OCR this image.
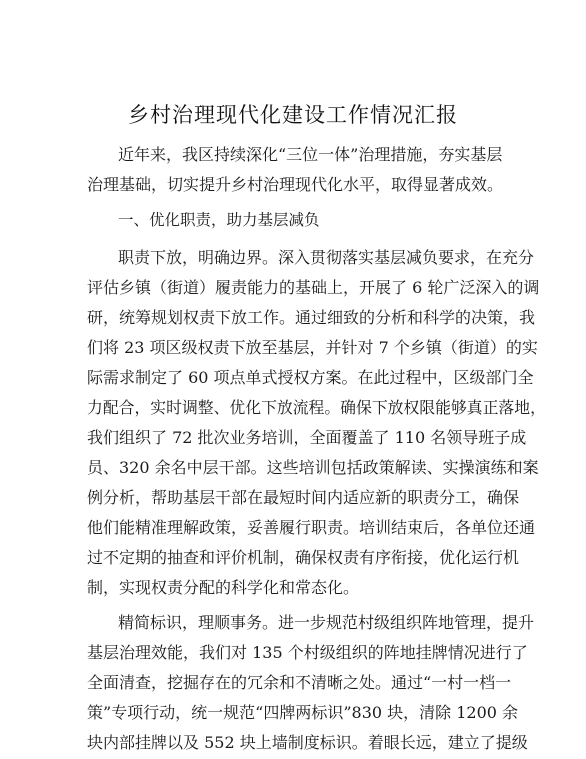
乡村治理现代化建设工作情况汇报
近年来，我区持续深化“三位一体”治理措施，夯实基层
治理基础，切实提升乡村治理现代化水平，取得显著成效。
一、优化职责，助力基层减负
职责下放，明确边界。深入贯彻落实基层减负要求，在充分
评估乡镇（街道）履责能力的基础上，开展了 6 轮广泛深入的调
研，统筹规划权责下放工作。通过细致的分析和科学的决策，我
们将 23 项区级权责下放至基层，并针对 7 个乡镇（街道）的实
际需求制定了 60 项点单式授权方案。在此过程中，区级部门全
力配合，实时调整、优化下放流程。确保下放权限能够真正落地，
我们组织了 72 批次业务培训，全面覆盖了 110 名领导班子成
员、320 余名中层干部。这些培训包括政策解读、实操演练和案
例分析，帮助基层干部在最短时间内适应新的职责分工，确保
他们能精准理解政策，妥善履行职责。培训结束后，各单位还通
过不定期的抽查和评价机制，确保权责有序衔接，优化运行机
制，实现权责分配的科学化和常态化。
精简标识，理顺事务。进一步规范村级组织阵地管理，提升
基层治理效能，我们对 135 个村级组织的阵地挂牌情况进行了
全面清查，挖掘存在的冗余和不清晰之处。通过“一村一档一
策”专项行动，统一规范“四牌两标识”830 块，清除 1200 余
块内部挂牌以及 552 块上墙制度标识。着眼长远，建立了提级
